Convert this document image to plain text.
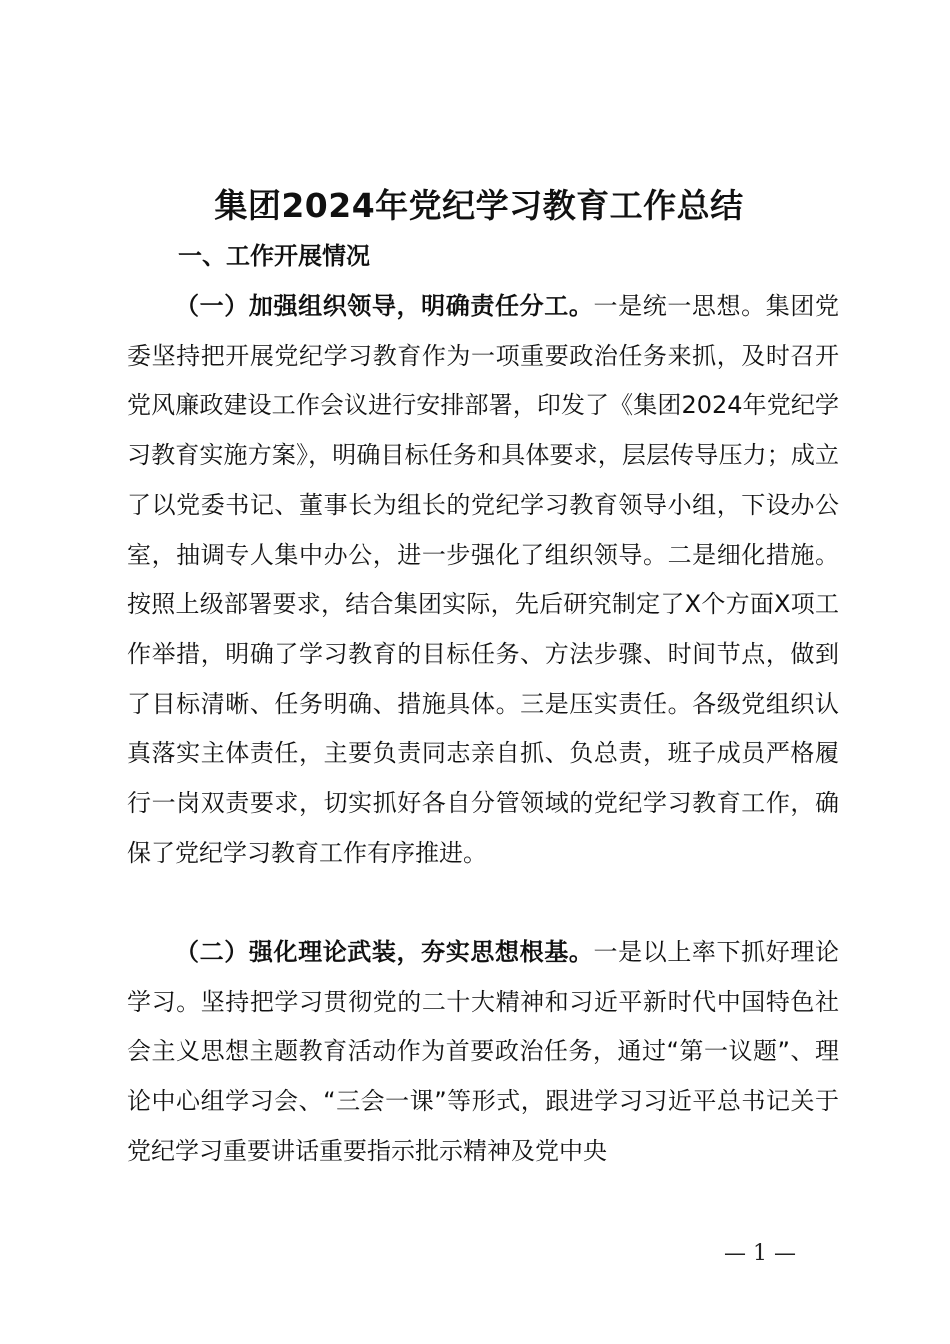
集团2024年党纪学习教育工作总结
一、工作开展情况

（一）加强组织领导，明确责任分工。一是统一思想。集团党委坚持把开展党纪学习教育作为一项重要政治任务来抓，及时召开党风廉政建设工作会议进行安排部署，印发了《集团2024年党纪学习教育实施方案》，明确目标任务和具体要求，层层传导压力；成立了以党委书记、董事长为组长的党纪学习教育领导小组，下设办公室，抽调专人集中办公，进一步强化了组织领导。二是细化措施。按照上级部署要求，结合集团实际，先后研究制定了X个方面X项工作举措，明确了学习教育的目标任务、方法步骤、时间节点，做到了目标清晰、任务明确、措施具体。三是压实责任。各级党组织认真落实主体责任，主要负责同志亲自抓、负总责，班子成员严格履行一岗双责要求，切实抓好各自分管领域的党纪学习教育工作，确保了党纪学习教育工作有序推进。

（二）强化理论武装，夯实思想根基。一是以上率下抓好理论学习。坚持把学习贯彻党的二十大精神和习近平新时代中国特色社会主义思想主题教育活动作为首要政治任务，通过“第一议题”、理论中心组学习会、“三会一课”等形式，跟进学习习近平总书记关于党纪学习重要讲话重要指示批示精神及党中央

— 1 —
